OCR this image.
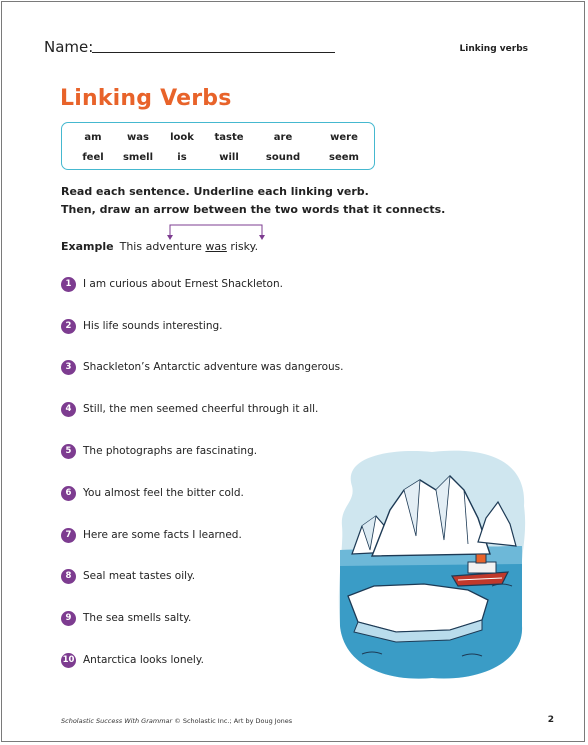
Name:	Linking verbs
Linking Verbs
am	was	look	taste	are	were
feel	smell	is	will	sound	seem
Read each sentence. Underline each linking verb.
Then, draw an arrow between the two words that it connects.
Example This adventure was risky.
1	I am curious about Ernest Shackleton.
2	His life sounds interesting.
3	Shackleton’s Antarctic adventure was dangerous.
4	Still, the men seemed cheerful through it all.
5	The photographs are fascinating.
6	You almost feel the bitter cold.
7	Here are some facts I learned.
8	Seal meat tastes oily.
9	The sea smells salty.
10 Antarctica looks lonely.
Scholastic Success With Grammar © Scholastic Inc.; Art by Doug Jones	2
